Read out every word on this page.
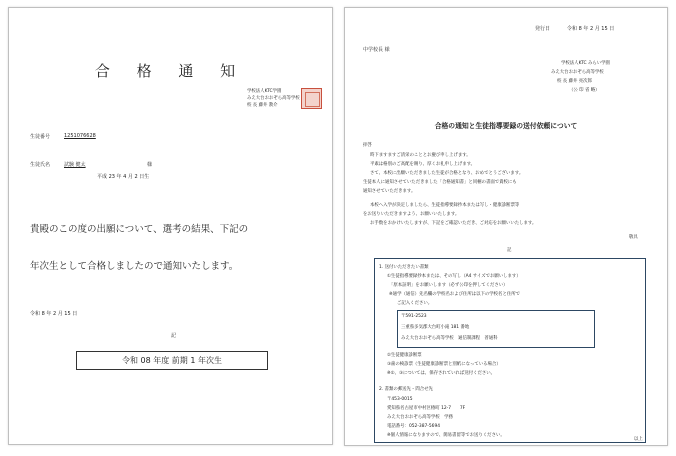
合 格 通 知
学校法人KTC学園
みえ大台おおぞら高等学校
校 長 藤井 教介
生徒番号	1251076628
生徒氏名	試験 健太	様
平成 23 年 4 月 2 日生
貴殿のこの度の出願について、選考の結果、下記の
年次生として合格しましたので通知いたします。
令和 8 年 2 月 15 日
記
令和 08 年度 前期 1 年次生
発行日	令和 8 年 2 月 15 日
中学校長 様
学校法人KTC みらい学園
みえ大台おおぞら高等学校
校 長 藤井 亮次郎
（公 印 省 略）
合格の通知と生徒指導要録の送付依頼について
拝啓
時下ますますご清栄のこととお慶び申し上げます。
平素は格別のご高配を賜り、厚くお礼申し上げます。
さて、本校に出願いただきました生徒が合格となり、おめでとうございます。
生徒本人に通知させていただきました「合格通知書」と同梱の書面で貴校にも
通知させていただきます。
本校へ入学が決定しましたら、生徒指導要録抄本または写し・健康診断票等
をお送りいただきますよう、お願いいたします。
お手数をおかけいたしますが、下記をご確認いただき、ご対応をお願いいたします。
敬具
記
1. 送付いただきたい書類
①生徒指導要録抄本または、その写し（A4 サイズでお願いします）
「原本証明」をお願いします（必ず公印を押してください）
※通学（通信）先名欄の学校名および住所は以下の学校名と住所で
ご記入ください。
〒591-2523
三重県多気郡大台町小滝 181 番地
みえ大台おおぞら高等学校　通信制課程　普通科
②生徒健康診断票
③歯の検診票（生徒健康診断票と別紙になっている場合）
※②、③については、保存されていれば送付ください。
2. 書類の郵送先・問合せ先
〒453-0015
愛知県名古屋市中村区椿町 12-7　　7F
みえ大台おおぞら高等学校　学務
電話番号：052-387-5694
※個人情報になりますので、簡易書留等でお送りください。
以上
